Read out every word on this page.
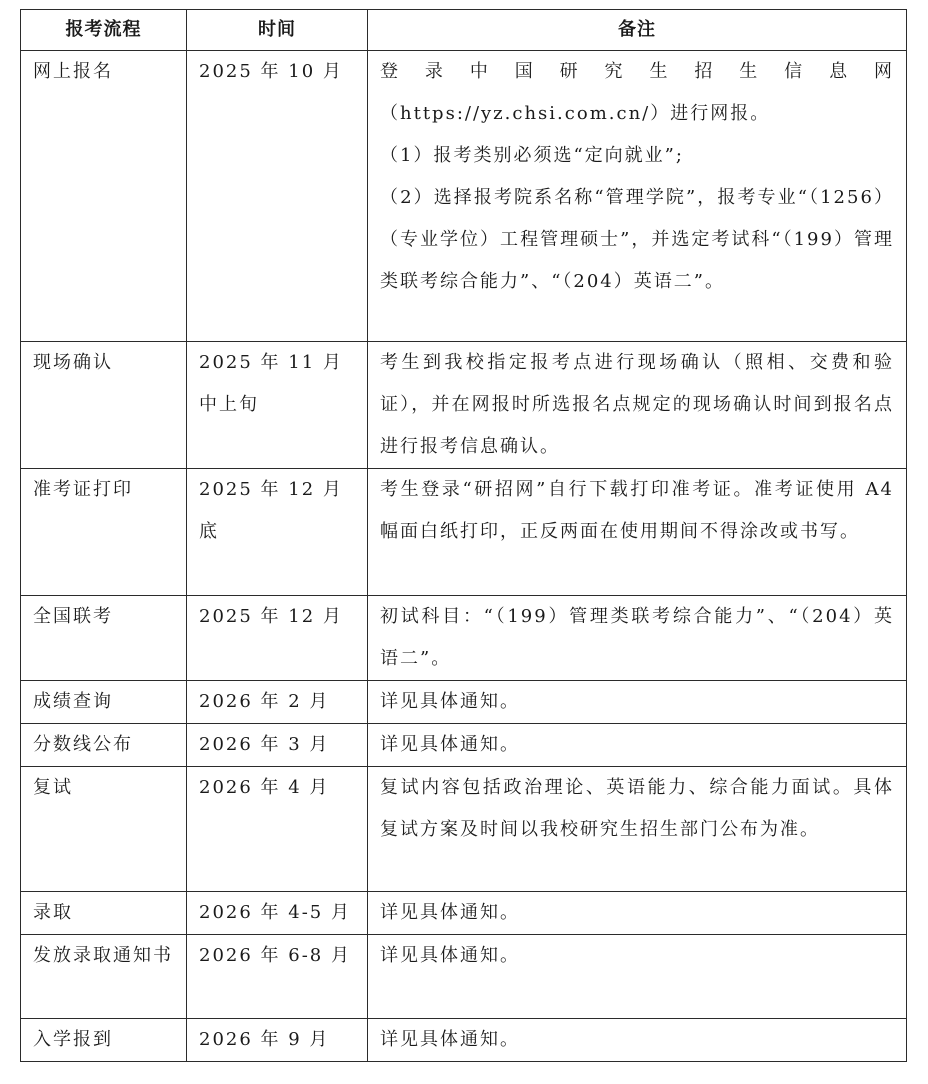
报考流程	时间	备注
网上报名	2025 年 10 月	登录中国研究生招生信息网（https://yz.chsi.com.cn/）进行网报。
（1）报考类别必须选“定向就业”;
（2）选择报考院系名称“管理学院”，报考专业“（1256）（专业学位）工程管理硕士”，并选定考试科“（199）管理类联考综合能力”、“（204）英语二”。

现场确认	2025 年 11 月中上旬	考生到我校指定报考点进行现场确认（照相、交费和验证），并在网报时所选报名点规定的现场确认时间到报名点进行报考信息确认。

准考证打印	2025 年 12 月底	考生登录“研招网”自行下载打印准考证。准考证使用 A4 幅面白纸打印，正反两面在使用期间不得涂改或书写。

全国联考	2025 年 12 月	初试科目：“（199）管理类联考综合能力”、“（204）英语二”。

成绩查询	2026 年 2 月	详见具体通知。

分数线公布	2026 年 3 月	详见具体通知。

复试	2026 年 4 月	复试内容包括政治理论、英语能力、综合能力面试。具体复试方案及时间以我校研究生招生部门公布为准。

录取	2026 年 4-5 月	详见具体通知。

发放录取通知书	2026 年 6-8 月	详见具体通知。

入学报到	2026 年 9 月	详见具体通知。
